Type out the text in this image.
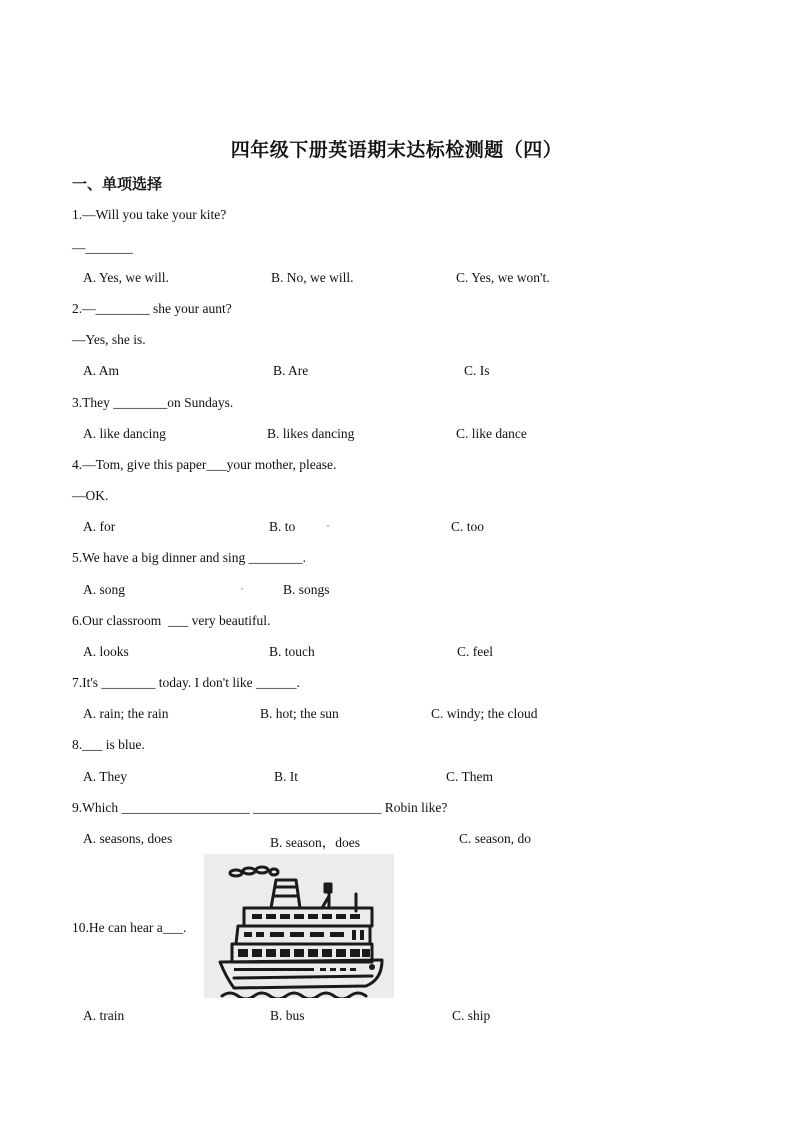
四年级下册英语期末达标检测题（四）
一、单项选择
1.—Will you take your kite?
—_______
A. Yes, we will.	B. No, we will.	C. Yes, we won't.
2.—________ she your aunt?
—Yes, she is.
A. Am	B. Are	C. Is
3.They ________on Sundays.
A. like dancing	B. likes dancing	C. like dance
4.—Tom, give this paper___your mother, please.
—OK.
A. for	B. to	C. too
5.We have a big dinner and sing ________.
A. song	B. songs
6.Our classroom  ___ very beautiful.
A. looks	B. touch	C. feel
7.It's ________ today. I don't like ______.
A. rain; the rain	B. hot; the sun	C. windy; the cloud
8.___ is blue.
A. They	B. It	C. Them
9.Which ___________________ ___________________ Robin like?
A. seasons, does	B. season，does	C. season, do
10.He can hear a___.
A. train	B. bus	C. ship
